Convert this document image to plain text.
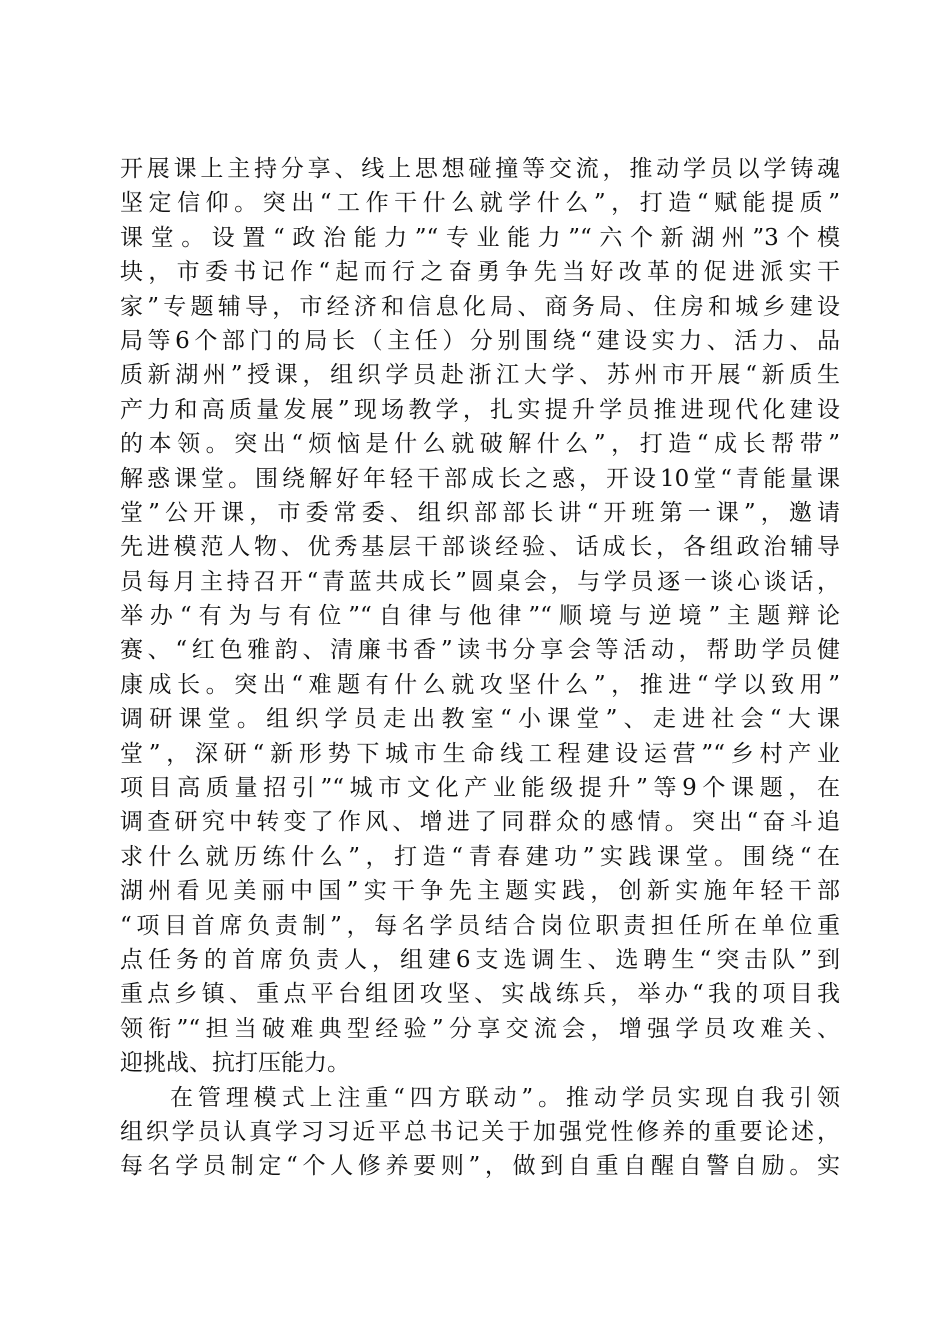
开展课上主持分享、线上思想碰撞等交流，推动学员以学铸魂
坚定信仰。突出“工作干什么就学什么”，打造“赋能提质”
课堂。设置“政治能力”“专业能力”“六个新湖州”3个模
块，市委书记作“起而行之奋勇争先当好改革的促进派实干
家”专题辅导，市经济和信息化局、商务局、住房和城乡建设
局等6个部门的局长（主任）分别围绕“建设实力、活力、品
质新湖州”授课，组织学员赴浙江大学、苏州市开展“新质生
产力和高质量发展”现场教学，扎实提升学员推进现代化建设
的本领。突出“烦恼是什么就破解什么”，打造“成长帮带”
解惑课堂。围绕解好年轻干部成长之惑，开设10堂“青能量课
堂”公开课，市委常委、组织部部长讲“开班第一课”，邀请
先进模范人物、优秀基层干部谈经验、话成长，各组政治辅导
员每月主持召开“青蓝共成长”圆桌会，与学员逐一谈心谈话，
举办“有为与有位”“自律与他律”“顺境与逆境”主题辩论
赛、“红色雅韵、清廉书香”读书分享会等活动，帮助学员健
康成长。突出“难题有什么就攻坚什么”，推进“学以致用”
调研课堂。组织学员走出教室“小课堂”、走进社会“大课
堂”，深研“新形势下城市生命线工程建设运营”“乡村产业
项目高质量招引”“城市文化产业能级提升”等9个课题，在
调查研究中转变了作风、增进了同群众的感情。突出“奋斗追
求什么就历练什么”，打造“青春建功”实践课堂。围绕“在
湖州看见美丽中国”实干争先主题实践，创新实施年轻干部
“项目首席负责制”，每名学员结合岗位职责担任所在单位重
点任务的首席负责人，组建6支选调生、选聘生“突击队”到
重点乡镇、重点平台组团攻坚、实战练兵，举办“我的项目我
领衔”“担当破难典型经验”分享交流会，增强学员攻难关、
迎挑战、抗打压能力。
在管理模式上注重“四方联动”。推动学员实现自我引领
组织学员认真学习习近平总书记关于加强党性修养的重要论述，
每名学员制定“个人修养要则”，做到自重自醒自警自励。实
